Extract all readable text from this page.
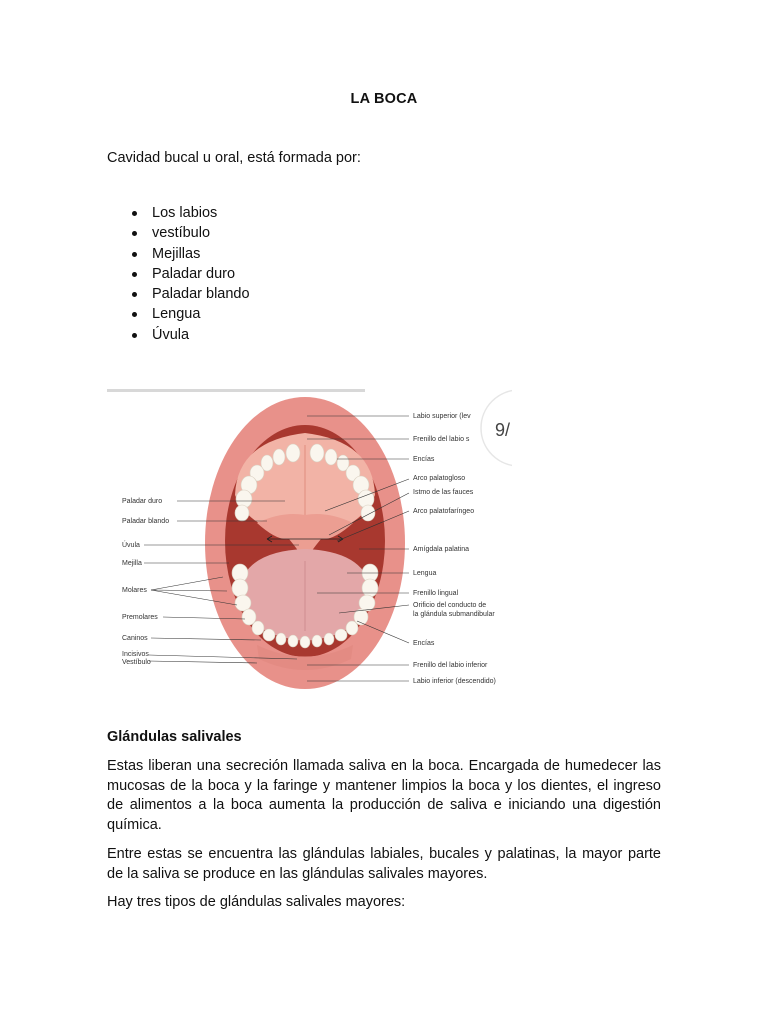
LA BOCA
Cavidad bucal u oral, está formada por:
Los labios
vestíbulo
Mejillas
Paladar duro
Paladar blando
Lengua
Úvula
9/
Paladar duro
Paladar blando
Úvula
Mejilla
Molares
Premolares
Caninos
Incisivos
Vestíbulo
Labio superior (lev
Frenillo del labio s
Encías
Arco palatogloso
Istmo de las fauces
Arco palatofaríngeo
Amígdala palatina
Lengua
Frenillo lingual
Orificio del conducto de
la glándula submandibular
Encías
Frenillo del labio inferior
Labio inferior (descendido)
Glándulas salivales

Estas liberan una secreción llamada saliva en la boca. Encargada de humedecer las mucosas de la boca y la faringe y mantener limpios la boca y los dientes, el ingreso de alimentos a la boca aumenta la producción de saliva e iniciando una digestión química.

Entre estas se encuentra las glándulas labiales, bucales y palatinas, la mayor parte de la saliva se produce en las glándulas salivales mayores.

Hay tres tipos de glándulas salivales mayores:
